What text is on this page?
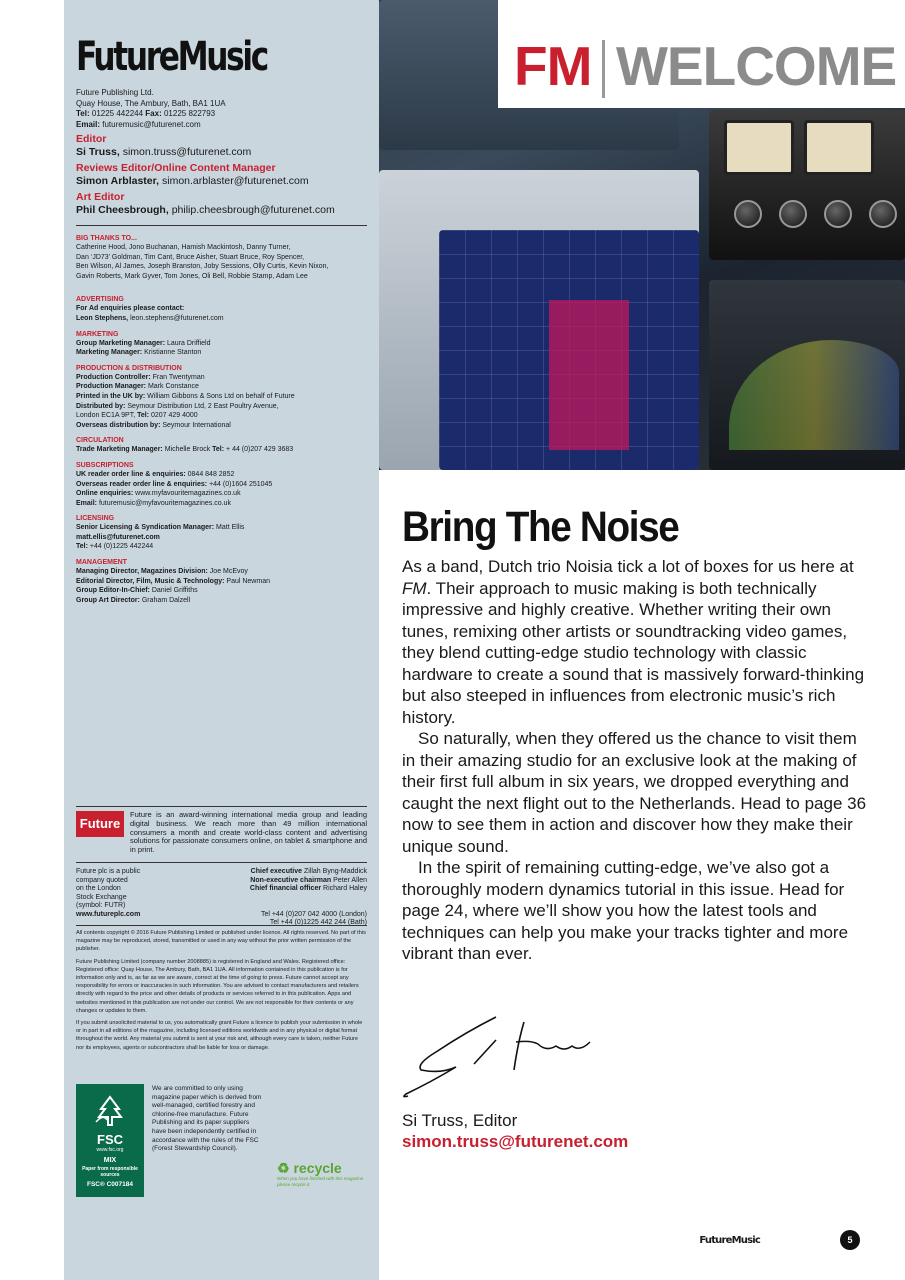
FutureMusic
Future Publishing Ltd.
Quay House, The Ambury, Bath, BA1 1UA
Tel: 01225 442244 Fax: 01225 822793
Email: futuremusic@futurenet.com
Editor
Si Truss, simon.truss@futurenet.com
Reviews Editor/Online Content Manager
Simon Arblaster, simon.arblaster@futurenet.com
Art Editor
Phil Cheesbrough, philip.cheesbrough@futurenet.com
BIG THANKS TO...
Catherine Hood, Jono Buchanan, Hamish Mackintosh, Danny Turner,
Dan ‘JD73’ Goldman, Tim Cant, Bruce Aisher, Stuart Bruce, Roy Spencer,
Ben Wilson, Al James, Joseph Branston, Joby Sessions, Olly Curtis, Kevin Nixon,
Gavin Roberts, Mark Gyver, Tom Jones, Oli Bell, Robbie Stamp, Adam Lee
ADVERTISING
For Ad enquiries please contact:
Leon Stephens, leon.stephens@futurenet.com
MARKETING
Group Marketing Manager: Laura Driffield
Marketing Manager: Kristianne Stanton
PRODUCTION & DISTRIBUTION
Production Controller: Fran Twentyman
Production Manager: Mark Constance
Printed in the UK by: William Gibbons & Sons Ltd on behalf of Future
Distributed by: Seymour Distribution Ltd, 2 East Poultry Avenue,
London EC1A 9PT, Tel: 0207 429 4000
Overseas distribution by: Seymour International
CIRCULATION
Trade Marketing Manager: Michelle Brock Tel: + 44 (0)207 429 3683
SUBSCRIPTIONS
UK reader order line & enquiries: 0844 848 2852
Overseas reader order line & enquiries: +44 (0)1604 251045
Online enquiries: www.myfavouritemagazines.co.uk
Email: futuremusic@myfavouritemagazines.co.uk
LICENSING
Senior Licensing & Syndication Manager: Matt Ellis
matt.ellis@futurenet.com
Tel: +44 (0)1225 442244
MANAGEMENT
Managing Director, Magazines Division: Joe McEvoy
Editorial Director, Film, Music & Technology: Paul Newman
Group Editor-In-Chief: Daniel Griffiths
Group Art Director: Graham Dalzell
Future
Future is an award-winning international media group and leading digital business. We reach more than 49 million international consumers a month and create world-class content and advertising solutions for passionate consumers online, on tablet & smartphone and in print.
Future plc is a public
company quoted
on the London
Stock Exchange
(symbol: FUTR)
www.futureplc.com
Chief executive Zillah Byng-Maddick
Non-executive chairman Peter Allen
Chief financial officer Richard Haley
Tel +44 (0)207 042 4000 (London)
Tel +44 (0)1225 442 244 (Bath)

All contents copyright © 2016 Future Publishing Limited or published under licence. All rights reserved. No part of this magazine may be reproduced, stored, transmitted or used in any way without the prior written permission of the publisher.

Future Publishing Limited (company number 2008885) is registered in England and Wales. Registered office: Registered office: Quay House, The Ambury, Bath, BA1 1UA. All information contained in this publication is for information only and is, as far as we are aware, correct at the time of going to press. Future cannot accept any responsibility for errors or inaccuracies in such information. You are advised to contact manufacturers and retailers directly with regard to the price and other details of products or services referred to in this publication. Apps and websites mentioned in this publication are not under our control. We are not responsible for their contents or any changes or updates to them.

If you submit unsolicited material to us, you automatically grant Future a licence to publish your submission in whole or in part in all editions of the magazine, including licensed editions worldwide and in any physical or digital format throughout the world. Any material you submit is sent at your risk and, although every care is taken, neither Future nor its employees, agents or subcontractors shall be liable for loss or damage.

FSC
www.fsc.org
MIX
Paper from responsible sources
FSC® C007184
We are committed to only using magazine paper which is derived from well-managed, certified forestry and chlorine-free manufacture. Future Publishing and its paper suppliers have been independently certified in accordance with the rules of the FSC (Forest Stewardship Council).
♻ recycle
When you have finished with this magazine please recycle it.
FM WELCOME
Bring The Noise

As a band, Dutch trio Noisia tick a lot of boxes for us here at FM. Their approach to music making is both technically impressive and highly creative. Whether writing their own tunes, remixing other artists or soundtracking video games, they blend cutting-edge studio technology with classic hardware to create a sound that is massively forward-thinking but also steeped in influences from electronic music’s rich history.

So naturally, when they offered us the chance to visit them in their amazing studio for an exclusive look at the making of their first full album in six years, we dropped everything and caught the next flight out to the Netherlands. Head to page 36 now to see them in action and discover how they make their unique sound.

In the spirit of remaining cutting-edge, we’ve also got a thoroughly modern dynamics tutorial in this issue. Head for page 24, where we’ll show you how the latest tools and techniques can help you make your tracks tighter and more vibrant than ever.

Si Truss, Editor
simon.truss@futurenet.com
FutureMusic	5
